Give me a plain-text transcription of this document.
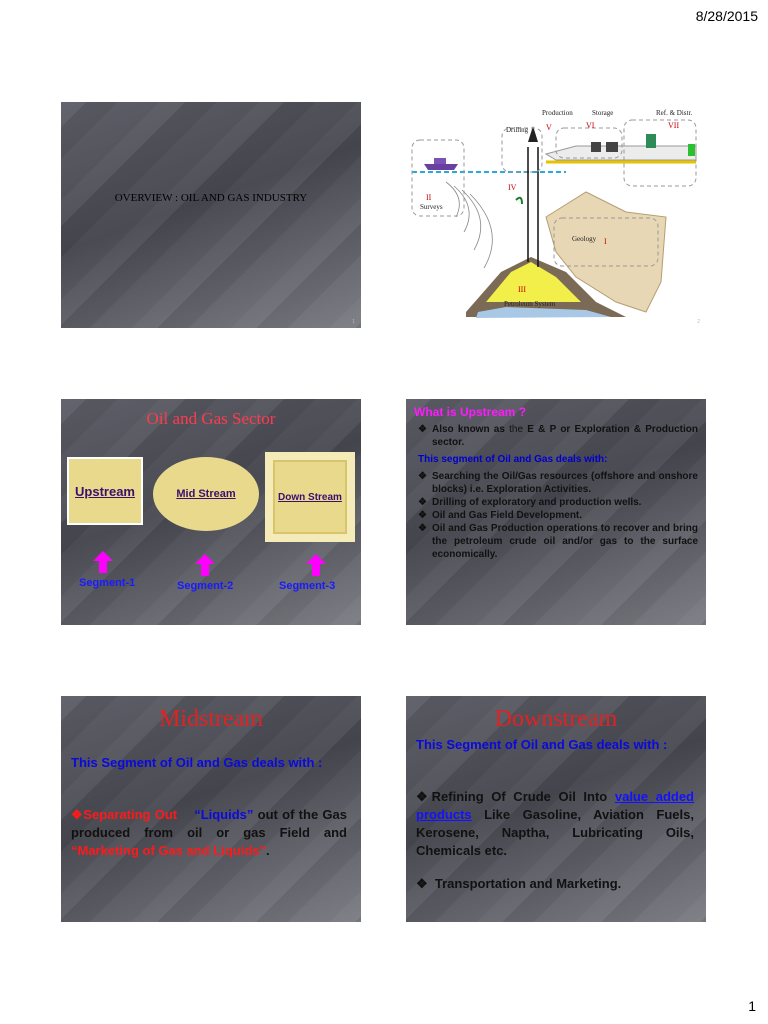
8/28/2015
OVERVIEW : OIL AND GAS INDUSTRY
1
Production	Storage	Ref. & Distr.
Drilling
Surveys
Geology
Petroleum System
V	VI	VII
II
IV
I
III
2
Oil and Gas Sector
Upstream	Mid Stream	Down Stream
Segment-1	Segment-2	Segment-3
What is Upstream ?
❖ Also known as the E & P or Exploration & Production sector.
This segment of Oil and Gas deals with:
❖ Searching the Oil/Gas resources (offshore and onshore blocks) i.e. Exploration Activities.
❖ Drilling of exploratory and production wells.
❖ Oil and Gas Field Development.
❖ Oil and Gas Production operations to recover and bring the petroleum crude oil and/or gas to the surface economically.
Midstream
This Segment of Oil and Gas deals with :
❖Separating Out “Liquids” out of the Gas produced from oil or gas Field and “Marketing of Gas and Liquids”.
Downstream
This Segment of Oil and Gas deals with :
❖Refining Of Crude Oil Into value added products Like Gasoline, Aviation Fuels, Kerosene, Naptha, Lubricating Oils, Chemicals etc.
❖ Transportation and Marketing.
1
